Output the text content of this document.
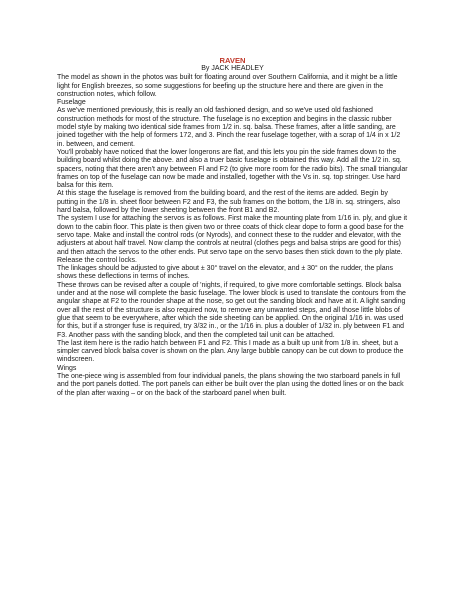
RAVEN

By JACK HEADLEY

The model as shown in the photos was built for floating around over Southern California, and it might be a little light for English breezes, so some suggestions for beefing up the structure here and there are given in the construction notes, which follow.

Fuselage

As we've mentioned previously, this is really an old fashioned design, and so we've used old fashioned construction methods for most of the structure. The fuselage is no exception and begins in the classic rubber model style by making two identical side frames from 1/2 in. sq. balsa. These frames, after a little sanding, are joined together with the help of formers 172, and 3. Pinch the rear fuselage together, with a scrap of 1/4 in x 1/2 in. between, and cement.

You'll probably have noticed that the lower longerons are flat, and this lets you pin the side frames down to the building board whilst doing the above. and also a truer basic fuselage is obtained this way. Add all the 1/2 in. sq. spacers, noting that there aren't any between Fl and F2 (to give more room for the radio bits). The small triangular frames on top of the fuselage can now be made and installed, together with the Vs in. sq. top stringer. Use hard balsa for this item.

At this stage the fuselage is removed from the building board, and the rest of the items are added. Begin by putting in the 1/8 in. sheet floor between F2 and F3, the sub frames on the bottom, the 1/8 in. sq. stringers, also hard balsa, followed by the lower sheeting between the front B1 and B2.

The system I use for attaching the servos is as follows. First make the mounting plate from 1/16 in. ply, and glue it down to the cabin floor. This plate is then given two or three coats of thick clear dope to form a good base for the servo tape. Make and install the control rods (or Nyrods), and connect these to the rudder and elevator, with the adjusters at about half travel. Now clamp the controls at neutral (clothes pegs and balsa strips are good for this) and then attach the servos to the other ends. Put servo tape on the servo bases then stick down to the ply plate. Release the control locks.

The linkages should be adjusted to give about ± 30° travel on the elevator, and ± 30° on the rudder, the plans shows these deflections in terms of inches.

These throws can be revised after a couple of 'nights, if required, to give more comfortable settings. Block balsa under and at the nose will complete the basic fuselage. The lower block is used to translate the contours from the angular shape at F2 to the rounder shape at the nose, so get out the sanding block and have at it. A light sanding over all the rest of the structure is also required now, to remove any unwanted steps, and all those little blobs of glue that seem to be everywhere, after which the side sheeting can be applied. On the original 1/16 in. was used for this, but if a stronger fuse is required, try 3/32 in., or the 1/16 in. plus a doubler of 1/32 in. ply between F1 and F3. Another pass with the sanding block, and then the completed tail unit can be attached.

The last item here is the radio hatch between F1 and F2. This I made as a built up unit from 1/8 in. sheet, but a simpler carved block balsa cover is shown on the plan. Any large bubble canopy can be cut down to produce the windscreen.

Wings

The one-piece wing is assembled from four individual panels, the plans showing the two starboard panels in full and the port panels dotted. The port panels can either be built over the plan using the dotted lines or on the back of the plan after waxing – or on the back of the starboard panel when built.
